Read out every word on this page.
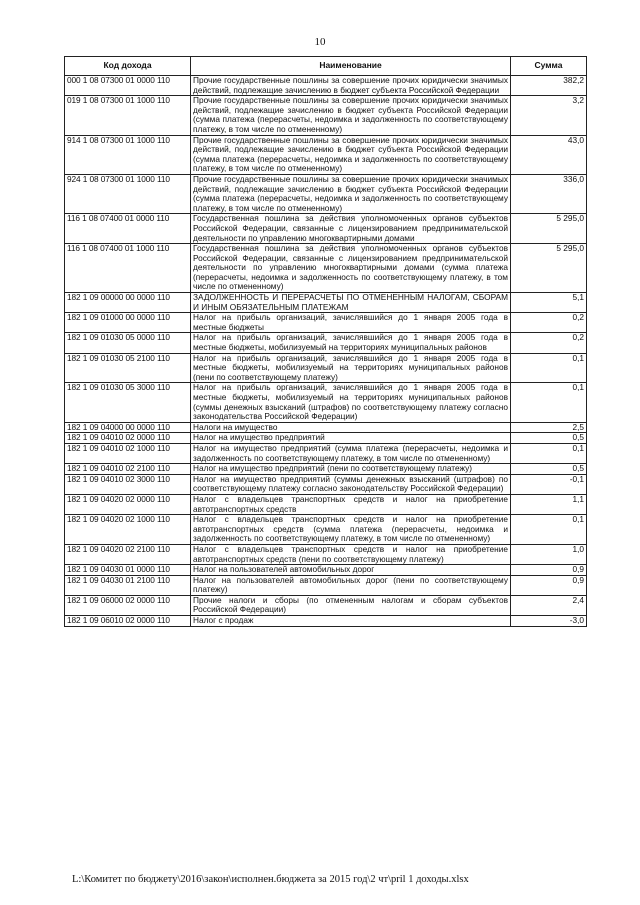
10
Код дохода	Наименование	Сумма
000 1 08 07300 01 0000 110	Прочие государственные пошлины за совершение прочих юридически значимых действий, подлежащие зачислению в бюджет субъекта Российской Федерации	382,2
019 1 08 07300 01 1000 110	Прочие государственные пошлины за совершение прочих юридически значимых действий, подлежащие зачислению в бюджет субъекта Российской Федерации (сумма платежа (перерасчеты, недоимка и задолженность по соответствующему платежу, в том числе по отмененному)	3,2
914 1 08 07300 01 1000 110	Прочие государственные пошлины за совершение прочих юридически значимых действий, подлежащие зачислению в бюджет субъекта Российской Федерации (сумма платежа (перерасчеты, недоимка и задолженность по соответствующему платежу, в том числе по отмененному)	43,0
924 1 08 07300 01 1000 110	Прочие государственные пошлины за совершение прочих юридически значимых действий, подлежащие зачислению в бюджет субъекта Российской Федерации (сумма платежа (перерасчеты, недоимка и задолженность по соответствующему платежу, в том числе по отмененному)	336,0
116 1 08 07400 01 0000 110	Государственная пошлина за действия уполномоченных органов субъектов Российской Федерации, связанные с лицензированием предпринимательской деятельности по управлению многоквартирными домами	5 295,0
116 1 08 07400 01 1000 110	Государственная пошлина за действия уполномоченных органов субъектов Российской Федерации, связанные с лицензированием предпринимательской деятельности по управлению многоквартирными домами (сумма платежа (перерасчеты, недоимка и задолженность по соответствующему платежу, в том числе по отмененному)	5 295,0
182 1 09 00000 00 0000 110	ЗАДОЛЖЕННОСТЬ И ПЕРЕРАСЧЕТЫ ПО ОТМЕНЕННЫМ НАЛОГАМ, СБОРАМ И ИНЫМ ОБЯЗАТЕЛЬНЫМ ПЛАТЕЖАМ	5,1
182 1 09 01000 00 0000 110	Налог на прибыль организаций, зачислявшийся до 1 января 2005 года в местные бюджеты	0,2
182 1 09 01030 05 0000 110	Налог на прибыль организаций, зачислявшийся до 1 января 2005 года в местные бюджеты, мобилизуемый на территориях муниципальных районов	0,2
182 1 09 01030 05 2100 110	Налог на прибыль организаций, зачислявшийся до 1 января 2005 года в местные бюджеты, мобилизуемый на территориях муниципальных районов (пени по соответствующему платежу)	0,1
182 1 09 01030 05 3000 110	Налог на прибыль организаций, зачислявшийся до 1 января 2005 года в местные бюджеты, мобилизуемый на территориях муниципальных районов (суммы денежных взысканий (штрафов) по соответствующему платежу согласно законодательства Российской Федерации)	0,1
182 1 09 04000 00 0000 110	Налоги на имущество	2,5
182 1 09 04010 02 0000 110	Налог на имущество предприятий	0,5
182 1 09 04010 02 1000 110	Налог на имущество предприятий (сумма платежа (перерасчеты, недоимка и задолженность по соответствующему платежу, в том числе по отмененному)	0,1
182 1 09 04010 02 2100 110	Налог на имущество предприятий (пени по соответствующему платежу)	0,5
182 1 09 04010 02 3000 110	Налог на имущество предприятий (суммы денежных взысканий (штрафов) по соответствующему платежу согласно законодательству Российской Федерации)	-0,1
182 1 09 04020 02 0000 110	Налог с владельцев транспортных средств и налог на приобретение автотранспортных средств	1,1
182 1 09 04020 02 1000 110	Налог с владельцев транспортных средств и налог на приобретение автотранспортных средств (сумма платежа (перерасчеты, недоимка и задолженность по соответствующему платежу, в том числе по отмененному)	0,1
182 1 09 04020 02 2100 110	Налог с владельцев транспортных средств и налог на приобретение автотранспортных средств (пени по соответствующему платежу)	1,0
182 1 09 04030 01 0000 110	Налог на пользователей автомобильных дорог	0,9
182 1 09 04030 01 2100 110	Налог на пользователей автомобильных дорог (пени по соответствующему платежу)	0,9
182 1 09 06000 02 0000 110	Прочие налоги и сборы (по отмененным налогам и сборам субъектов Российской Федерации)	2,4
182 1 09 06010 02 0000 110	Налог с продаж	-3,0
L:\Комитет по бюджету\2016\закон\исполнен.бюджета за 2015 год\2 чт\pril 1 доходы.xlsx
